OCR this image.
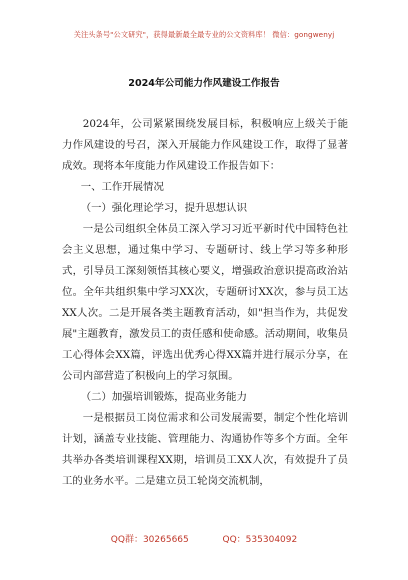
关注头条号"公文研究"，获得最新最全最专业的公文资料库！ 微信：gongwenyj
2024年公司能力作风建设工作报告

2024年，公司紧紧围绕发展目标，积极响应上级关于能力作风建设的号召，深入开展能力作风建设工作，取得了显著成效。现将本年度能力作风建设工作报告如下：

一、工作开展情况

（一）强化理论学习，提升思想认识

一是公司组织全体员工深入学习习近平新时代中国特色社会主义思想，通过集中学习、专题研讨、线上学习等多种形式，引导员工深刻领悟其核心要义，增强政治意识提高政治站位。全年共组织集中学习XX次，专题研讨XX次，参与员工达XX人次。二是开展各类主题教育活动，如"担当作为，共促发展"主题教育，激发员工的责任感和使命感。活动期间，收集员工心得体会XX篇，评选出优秀心得XX篇并进行展示分享，在公司内部营造了积极向上的学习氛围。

（二）加强培训锻炼，提高业务能力

一是根据员工岗位需求和公司发展需要，制定个性化培训计划，涵盖专业技能、管理能力、沟通协作等多个方面。全年共举办各类培训课程XX期，培训员工XX人次，有效提升了员工的业务水平。二是建立员工轮岗交流机制，

QQ群：30265665	QQ：535304092
